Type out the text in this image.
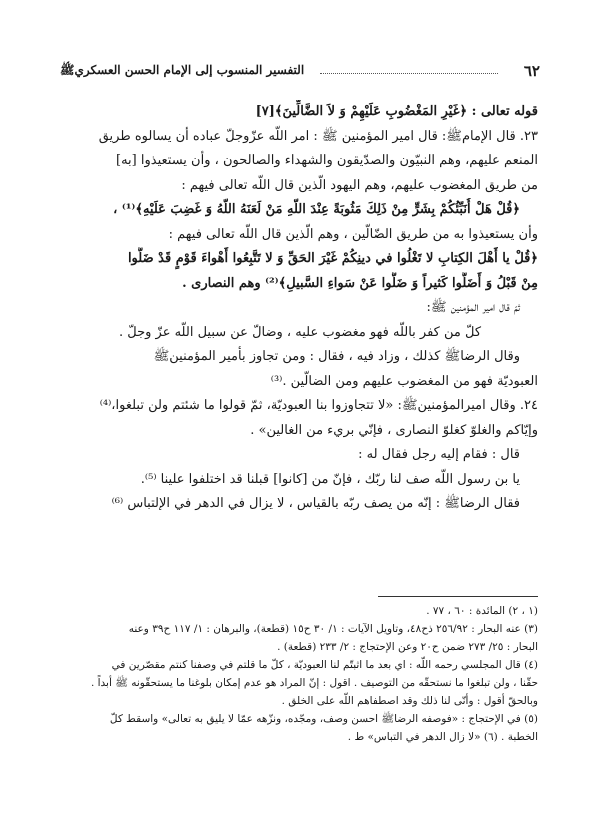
٦٢
التفسير المنسوب إلى الإمام الحسن العسكريﷺ
قوله تعالى : ﴿غَيْرِ المَغْضُوبِ عَلَيْهِمْ وَ لاَ الضَّالِّينَ﴾[٧]
٢٣. قال الإمامﷺ: قال امير المؤمنين ﷺ : امر اللّه عزّوجلّ عباده أن يسالوه طريق
المنعم عليهم، وهم النبيّون والصدّيقون والشهداء والصالحون ، وأن يستعيذوا [به]
من طريق المغضوب عليهم، وهم اليهود الّذين قال اللّه تعالى فيهم :
﴿قُلْ هَلْ أُنَبِّئُكُمْ بِشَرٍّ مِنْ ذَلِكَ مَثُوبَةً عِنْدَ اللّهِ مَنْ لَعَنَهُ اللّهُ وَ غَضِبَ عَلَيْهِ﴾⁽¹⁾ ،
وأن يستعيذوا به من طريق الضّالّين ، وهم الّذين قال اللّه تعالى فيهم :
﴿قُلْ يا أَهْلَ الكِتابِ لا تَغْلُوا في دينِكُمْ غَيْرَ الحَقِّ وَ لا تَتَّبِعُوا أَهْواءَ قَوْمٍ قَدْ ضَلُّوا
مِنْ قَبْلُ وَ أَضَلُّوا كَثيراً وَ ضَلُّوا عَنْ سَواءِ السَّبيلِ﴾⁽²⁾ وهم النصارى .
ثمّ قال امير المؤمنين ﷺ:
كلّ من كفر باللّه فهو مغضوب عليه ، وضالّ عن سبيل اللّه عزّ وجلّ .
وقال الرضاﷺ كذلك ، وزاد فيه ، فقال : ومن تجاوز بأمير المؤمنينﷺ
العبوديّة فهو من المغضوب عليهم ومن الضالّين .⁽³⁾
٢٤. وقال اميرالمؤمنينﷺ: «لا تتجاوزوا بنا العبوديّة، ثمّ قولوا ما شئتم ولن تبلغوا،⁽⁴⁾
وإيّاكم والغلوّ كغلوّ النصارى ، فإنّي بريء من الغالين» .
قال : فقام إليه رجل فقال له :
يا بن رسول اللّه صف لنا ربّك ، فإنّ من [كانوا] قبلنا قد اختلفوا علينا ⁽⁵⁾.
فقال الرضاﷺ : إنّه من يصف ربّه بالقياس ، لا يزال في الدهر في الإلتباس ⁽⁶⁾
(١ ، ٢) المائدة : ٦٠ ، ٧٧ .
(٣) عنه البحار : ٢٥٦/٩٢ ذح٤٨، وتاويل الآيات : ١/ ٣٠ ح١٥ (قطعة)، والبرهان : ١/ ١١٧ ح٣٩ وعنه
البحار : ٢٥/ ٢٧٣ ضمن ح٢٠ وعن الإحتجاج : ٢/ ٢٣٣ (قطعة) .
(٤) قال المجلسي رحمه اللّه : اي بعد ما اثبتّم لنا العبوديّة ، كلّ ما قلتم في وصفنا كنتم مقصّرين في
حقّنا ، ولن تبلغوا ما نستحقّه من التوصيف . اقول : إنّ المراد هو عدم إمكان بلوغنا ما يستحقّونه ﷺ أبداً .
وبالحقّ أقول : وأنّى لنا ذلك وقد اصطفاهم اللّه على الخلق .
(٥) في الإحتجاج : «فوصفه الرضاﷺ احسن وصف، ومجّده، ونزّهه عمّا لا يليق به تعالى» واسقط كلّ
الخطبة . (٦) «لا زال الدهر في التباس» ط .
